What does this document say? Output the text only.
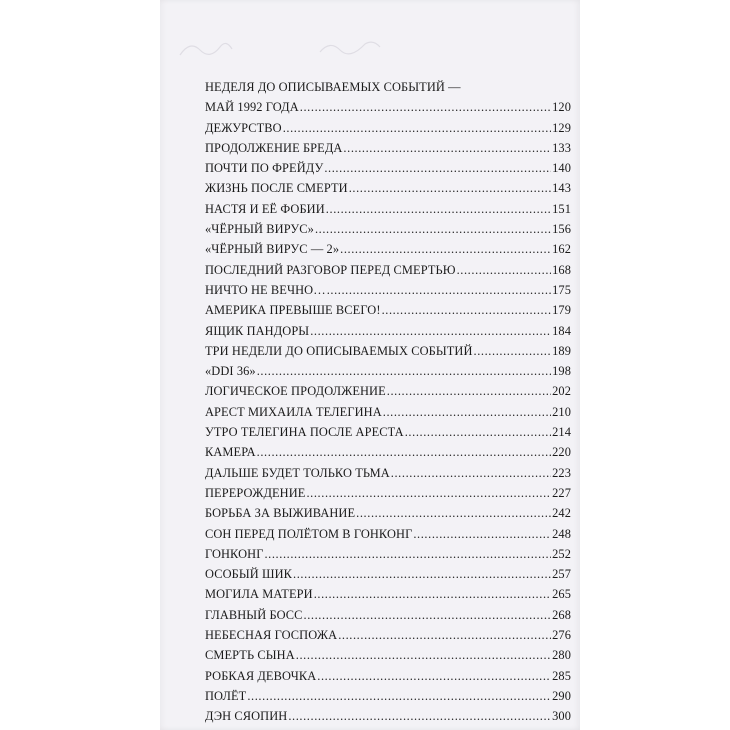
НЕДЕЛЯ ДО ОПИСЫВАЕМЫХ СОБЫТИЙ —
МАЙ 1992 ГОДА .....	120
ДЕЖУРСТВО .....	129
ПРОДОЛЖЕНИЕ БРЕДА .....	133
ПОЧТИ ПО ФРЕЙДУ .....	140
ЖИЗНЬ ПОСЛЕ СМЕРТИ .....	143
НАСТЯ И ЕЁ ФОБИИ .....	151
«ЧЁРНЫЙ ВИРУС» .....	156
«ЧЁРНЫЙ ВИРУС — 2» .....	162
ПОСЛЕДНИЙ РАЗГОВОР ПЕРЕД СМЕРТЬЮ .....	168
НИЧТО НЕ ВЕЧНО… .....	175
АМЕРИКА ПРЕВЫШЕ ВСЕГО! .....	179
ЯЩИК ПАНДОРЫ .....	184
ТРИ НЕДЕЛИ ДО ОПИСЫВАЕМЫХ СОБЫТИЙ .....	189
«DDI 36» .....	198
ЛОГИЧЕСКОЕ ПРОДОЛЖЕНИЕ .....	202
АРЕСТ МИХАИЛА ТЕЛЕГИНА .....	210
УТРО ТЕЛЕГИНА ПОСЛЕ АРЕСТА .....	214
КАМЕРА .....	220
ДАЛЬШЕ БУДЕТ ТОЛЬКО ТЬМА .....	223
ПЕРЕРОЖДЕНИЕ .....	227
БОРЬБА ЗА ВЫЖИВАНИЕ .....	242
СОН ПЕРЕД ПОЛЁТОМ В ГОНКОНГ .....	248
ГОНКОНГ .....	252
ОСОБЫЙ ШИК .....	257
МОГИЛА МАТЕРИ .....	265
ГЛАВНЫЙ БОСС .....	268
НЕБЕСНАЯ ГОСПОЖА .....	276
СМЕРТЬ СЫНА .....	280
РОБКАЯ ДЕВОЧКА .....	285
ПОЛЁТ .....	290
ДЭН СЯОПИН .....	300
